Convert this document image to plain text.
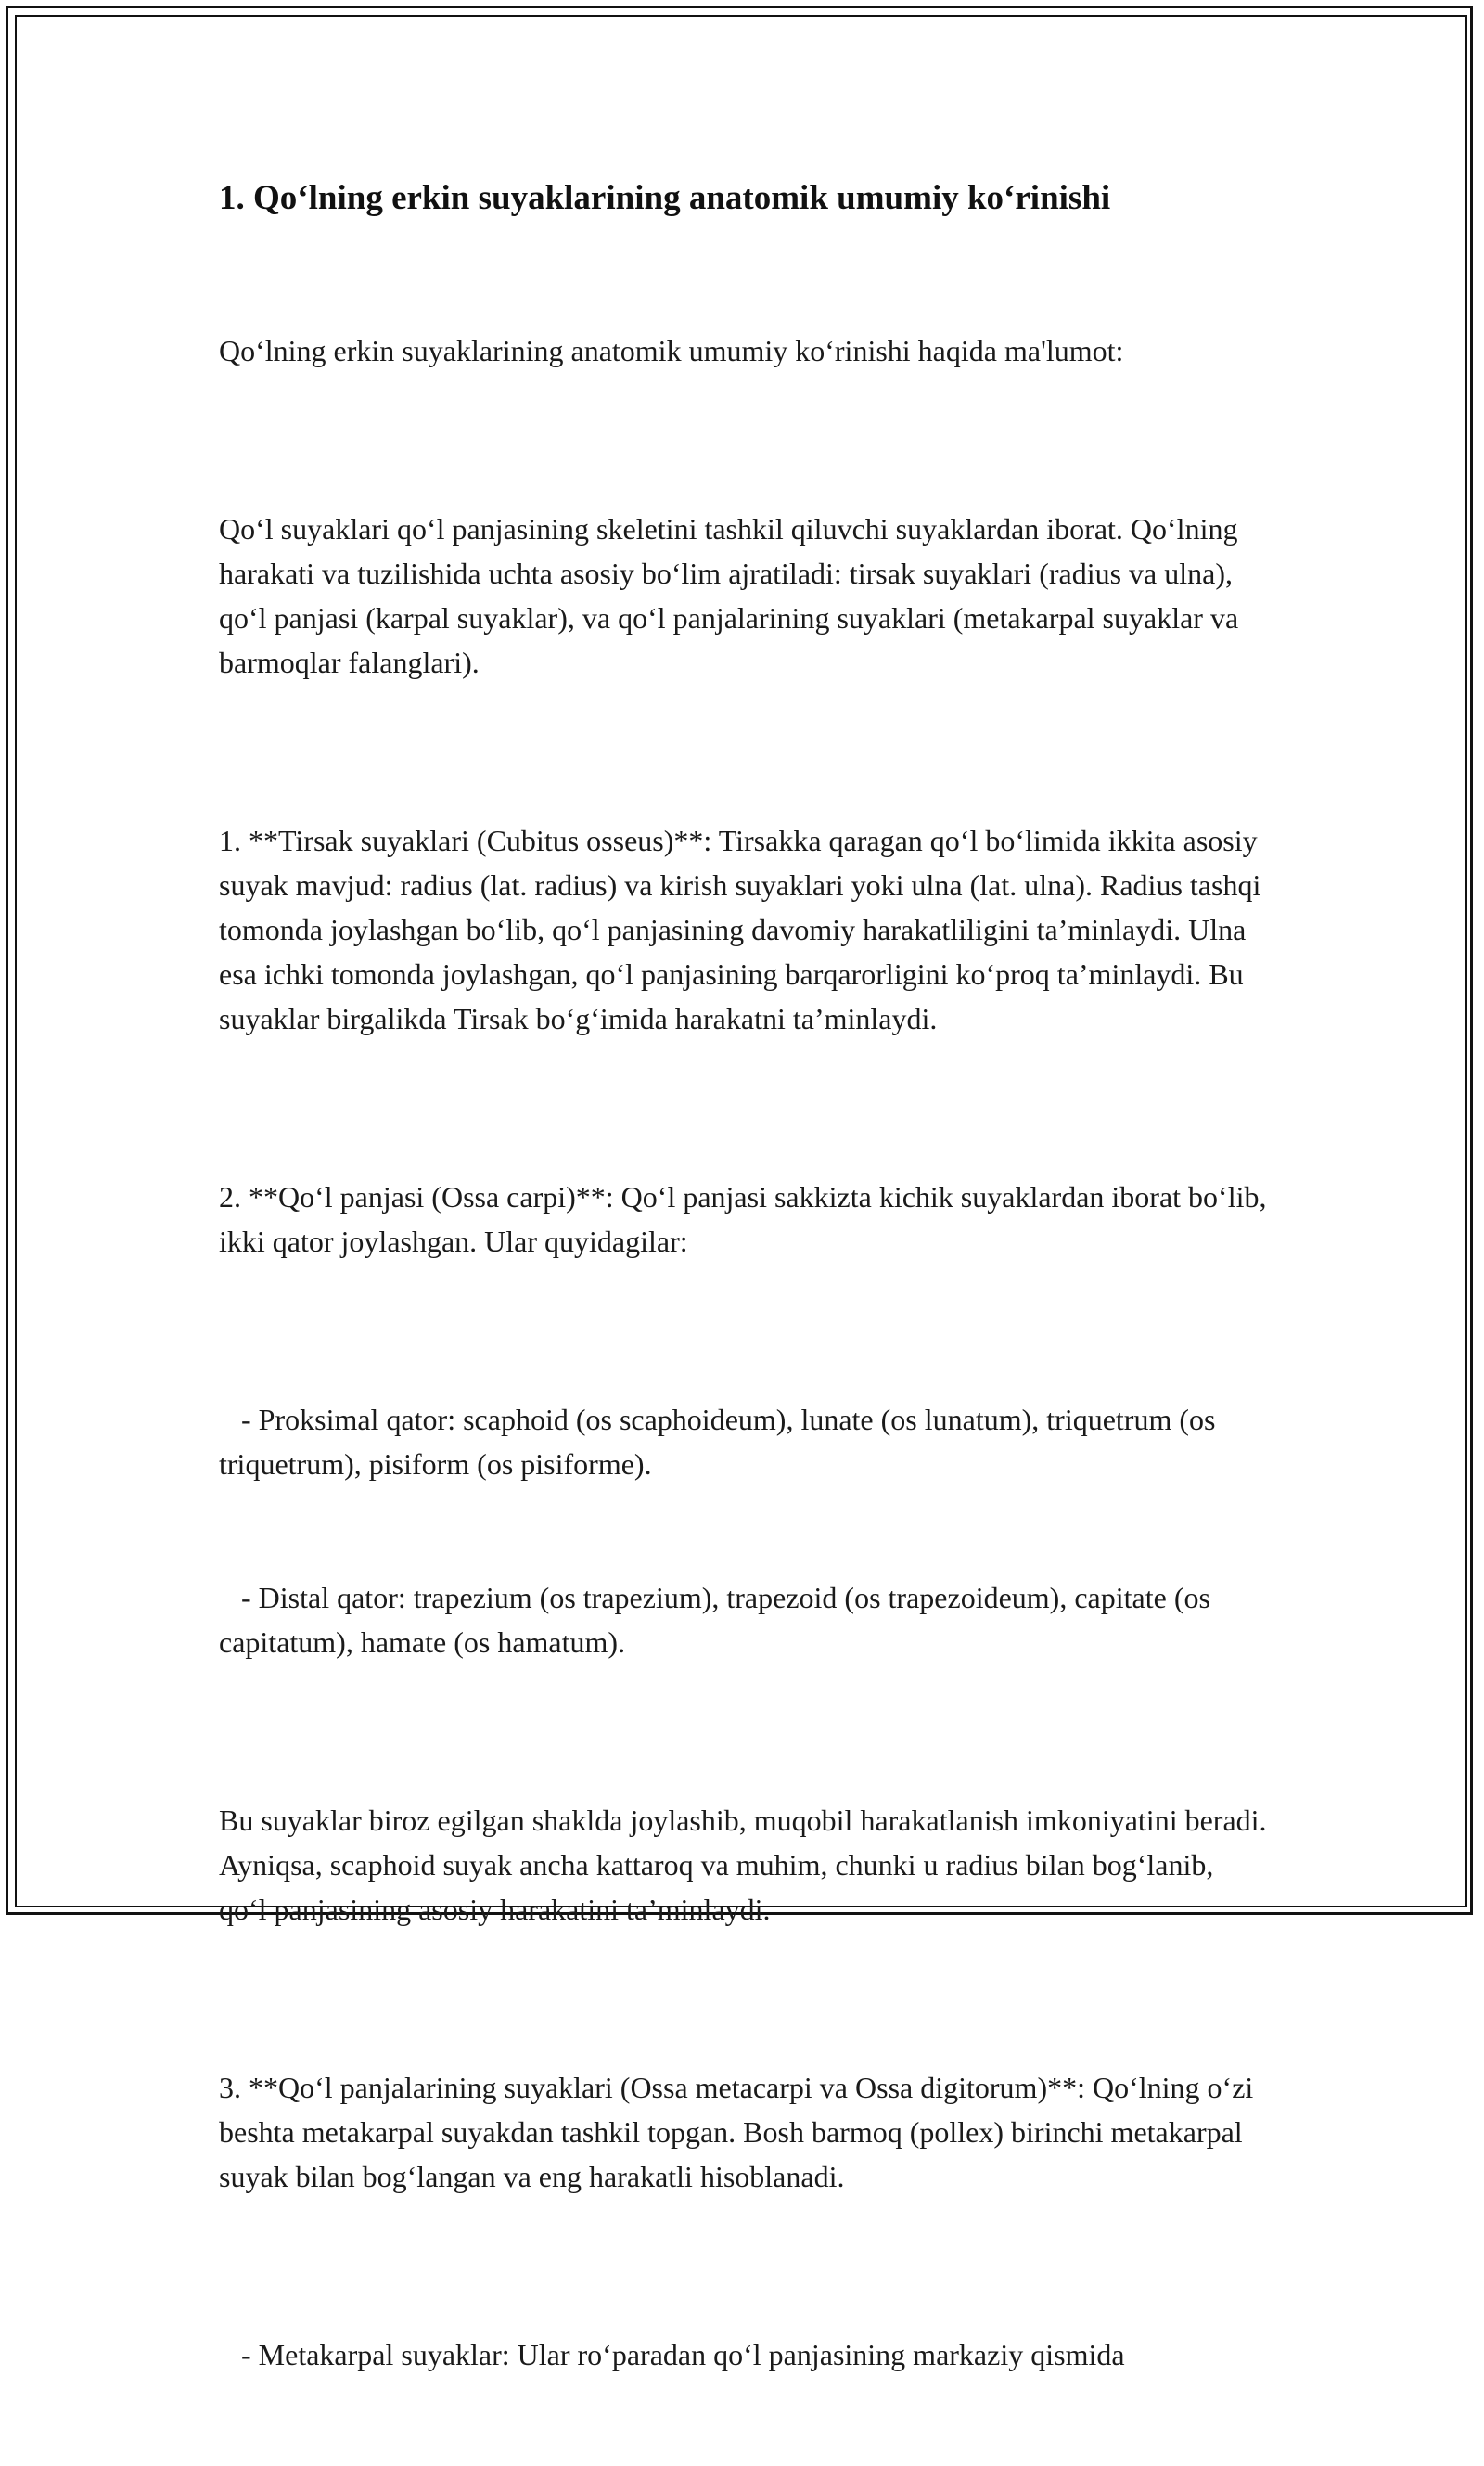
1. Qo‘lning erkin suyaklarining anatomik umumiy ko‘rinishi

Qo‘lning erkin suyaklarining anatomik umumiy ko‘rinishi haqida ma'lumot:

Qo‘l suyaklari qo‘l panjasining skeletini tashkil qiluvchi suyaklardan iborat. Qo‘lning harakati va tuzilishida uchta asosiy bo‘lim ajratiladi: tirsak suyaklari (radius va ulna), qo‘l panjasi (karpal suyaklar), va qo‘l panjalarining suyaklari (metakarpal suyaklar va barmoqlar falanglari).

1. **Tirsak suyaklari (Cubitus osseus)**: Tirsakka qaragan qo‘l bo‘limida ikkita asosiy suyak mavjud: radius (lat. radius) va kirish suyaklari yoki ulna (lat. ulna). Radius tashqi tomonda joylashgan bo‘lib, qo‘l panjasining davomiy harakatliligini ta’minlaydi. Ulna esa ichki tomonda joylashgan, qo‘l panjasining barqarorligini ko‘proq ta’minlaydi. Bu suyaklar birgalikda Tirsak bo‘g‘imida harakatni ta’minlaydi.

2. **Qo‘l panjasi (Ossa carpi)**: Qo‘l panjasi sakkizta kichik suyaklardan iborat bo‘lib, ikki qator joylashgan. Ular quyidagilar:

- Proksimal qator: scaphoid (os scaphoideum), lunate (os lunatum), triquetrum (os triquetrum), pisiform (os pisiforme).

- Distal qator: trapezium (os trapezium), trapezoid (os trapezoideum), capitate (os capitatum), hamate (os hamatum).

Bu suyaklar biroz egilgan shaklda joylashib, muqobil harakatlanish imkoniyatini beradi. Ayniqsa, scaphoid suyak ancha kattaroq va muhim, chunki u radius bilan bog‘lanib, qo‘l panjasining asosiy harakatini ta’minlaydi.

3. **Qo‘l panjalarining suyaklari (Ossa metacarpi va Ossa digitorum)**: Qo‘lning o‘zi beshta metakarpal suyakdan tashkil topgan. Bosh barmoq (pollex) birinchi metakarpal suyak bilan bog‘langan va eng harakatli hisoblanadi.

- Metakarpal suyaklar: Ular ro‘paradan qo‘l panjasining markaziy qismida
